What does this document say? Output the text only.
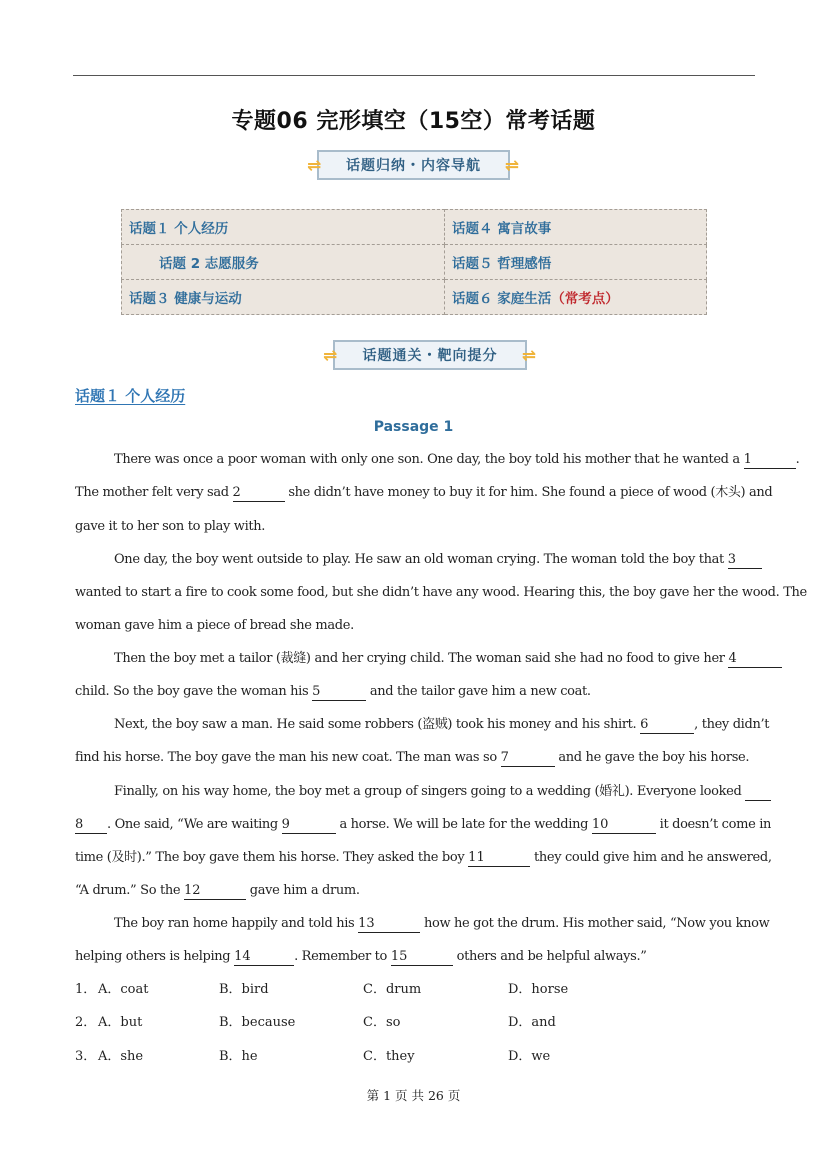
专题06 完形填空（15空）常考话题
⇌ 话题归纳・内容导航 ⇌
话题１ 个人经历	话题４ 寓言故事
话题 2 志愿服务	话题５ 哲理感悟
话题３ 健康与运动	话题６ 家庭生活（常考点）
⇌ 话题通关・靶向提分 ⇌
话题１ 个人经历
Passage 1
There was once a poor woman with only one son. One day, the boy told his mother that he wanted a 1	.
The mother felt very sad 2	she didn’t have money to buy it for him. She found a piece of wood (木头) and
gave it to her son to play with.
One day, the boy went outside to play. He saw an old woman crying. The woman told the boy that 3
wanted to start a fire to cook some food, but she didn’t have any wood. Hearing this, the boy gave her the wood. The
woman gave him a piece of bread she made.
Then the boy met a tailor (裁缝) and her crying child. The woman said she had no food to give her 4
child. So the boy gave the woman his 5	and the tailor gave him a new coat.
Next, the boy saw a man. He said some robbers (盗贼) took his money and his shirt. 6	, they didn’t
find his horse. The boy gave the man his new coat. The man was so 7	and he gave the boy his horse.
Finally, on his way home, the boy met a group of singers going to a wedding (婚礼). Everyone looked
8 . One said, “We are waiting 9	a horse. We will be late for the wedding 10	it doesn’t come in
time (及时).” The boy gave them his horse. They asked the boy 11	they could give him and he answered,
“A drum.” So the 12	gave him a drum.
The boy ran home happily and told his 13	how he got the drum. His mother said, “Now you know
helping others is helping 14	. Remember to 15	others and be helpful always.”
1． A．coat	B．bird	C．drum	D．horse
2． A．but	B．because	C．so	D．and
3． A．she	B．he	C．they	D．we
第 1 页 共 26 页
